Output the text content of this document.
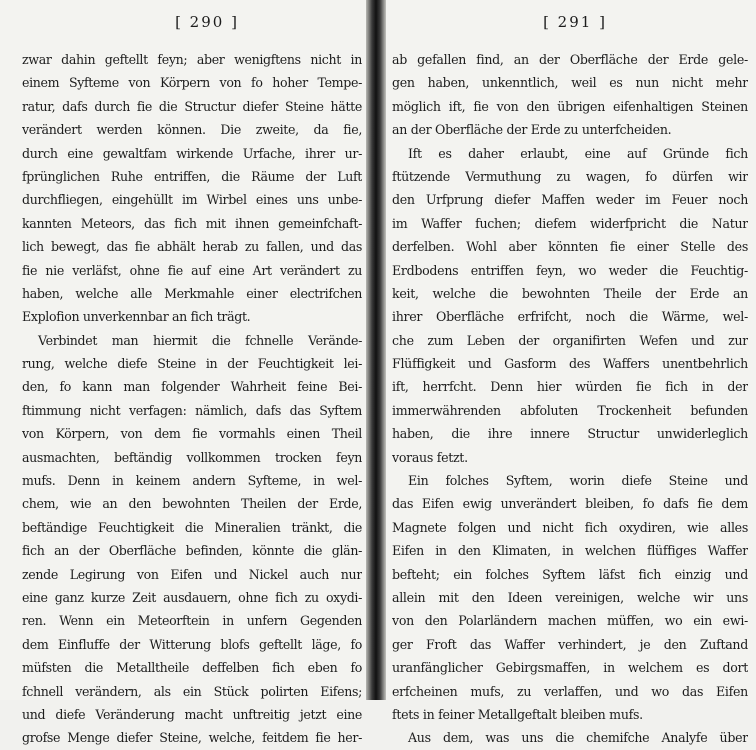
[ 290 ]
zwar dahin geftellt feyn; aber wenigftens nicht in
einem Syfteme von Körpern von fo hoher Tempe-
ratur, dafs durch fie die Structur diefer Steine hätte
verändert werden können. Die zweite, da fie,
durch eine gewaltfam wirkende Urfache, ihrer ur-
fprünglichen Ruhe entriffen, die Räume der Luft
durchfliegen, eingehüllt im Wirbel eines uns unbe-
kannten Meteors, das fich mit ihnen gemeinfchaft-
lich bewegt, das fie abhält herab zu fallen, und das
fie nie verläfst, ohne fie auf eine Art verändert zu
haben, welche alle Merkmahle einer electrifchen
Explofion unverkennbar an fich trägt.
Verbindet man hiermit die fchnelle Verände-
rung, welche diefe Steine in der Feuchtigkeit lei-
den, fo kann man folgender Wahrheit feine Bei-
ftimmung nicht verfagen: nämlich, dafs das Syftem
von Körpern, von dem fie vormahls einen Theil
ausmachten, beftändig vollkommen trocken feyn
mufs. Denn in keinem andern Syfteme, in wel-
chem, wie an den bewohnten Theilen der Erde,
beftändige Feuchtigkeit die Mineralien tränkt, die
fich an der Oberfläche befinden, könnte die glän-
zende Legirung von Eifen und Nickel auch nur
eine ganz kurze Zeit ausdauern, ohne fich zu oxydi-
ren. Wenn ein Meteorftein in unfern Gegenden
dem Einfluffe der Witterung blofs geftellt läge, fo
müfsten die Metalltheile deffelben fich eben fo
fchnell verändern, als ein Stück polirten Eifens;
und diefe Veränderung macht unftreitig jetzt eine
grofse Menge diefer Steine, welche, feitdem fie her-
[ 291 ]
ab gefallen find, an der Oberfläche der Erde gele-
gen haben, unkenntlich, weil es nun nicht mehr
möglich ift, fie von den übrigen eifenhaltigen Steinen
an der Oberfläche der Erde zu unterfcheiden.
Ift es daher erlaubt, eine auf Gründe fich
ftützende Vermuthung zu wagen, fo dürfen wir
den Urfprung diefer Maffen weder im Feuer noch
im Waffer fuchen; diefem widerfpricht die Natur
derfelben. Wohl aber könnten fie einer Stelle des
Erdbodens entriffen feyn, wo weder die Feuchtig-
keit, welche die bewohnten Theile der Erde an
ihrer Oberfläche erfrifcht, noch die Wärme, wel-
che zum Leben der organifirten Wefen und zur
Flüffigkeit und Gasform des Waffers unentbehrlich
ift, herrfcht. Denn hier würden fie fich in der
immerwährenden abfoluten Trockenheit befunden
haben, die ihre innere Structur unwiderleglich
voraus fetzt.
Ein folches Syftem, worin diefe Steine und
das Eifen ewig unverändert bleiben, fo dafs fie dem
Magnete folgen und nicht fich oxydiren, wie alles
Eifen in den Klimaten, in welchen flüffiges Waffer
befteht; ein folches Syftem läfst fich einzig und
allein mit den Ideen vereinigen, welche wir uns
von den Polarländern machen müffen, wo ein ewi-
ger Froft das Waffer verhindert, je den Zuftand
uranfänglicher Gebirgsmaffen, in welchem es dort
erfcheinen mufs, zu verlaffen, und wo das Eifen
ftets in feiner Metallgeftalt bleiben mufs.
Aus dem, was uns die chemifche Analyfe über
